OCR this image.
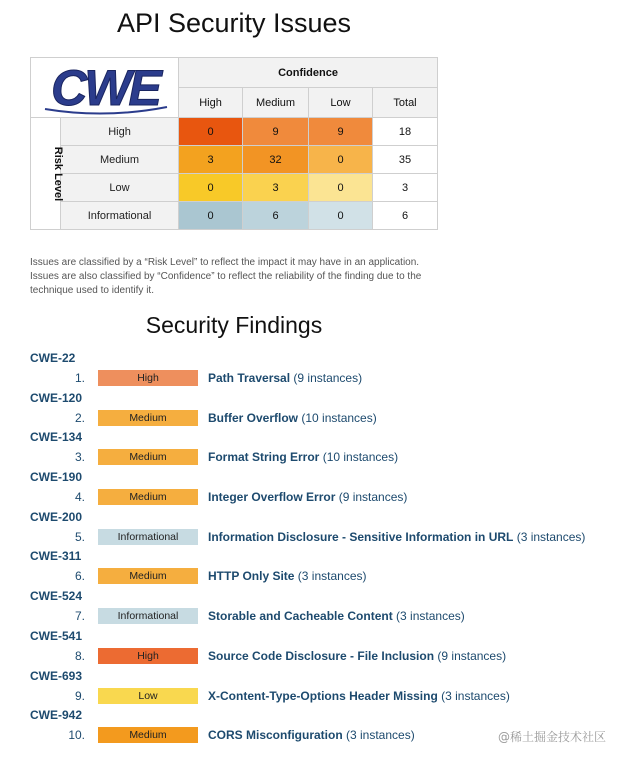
API Security Issues
CWE		Confidence			
		High	Medium	Low	Total
Risk Level	High	0	9	9	18
	Medium	3	32	0	35
	Low	0	3	0	3
	Informational	0	6	0	6
Issues are classified by a “Risk Level” to reflect the impact it may have in an application. Issues are also classified by “Confidence” to reflect the reliability of the finding due to the technique used to identify it.
Security Findings
CWE-22
1.	High	Path Traversal (9 instances)
CWE-120
2.	Medium	Buffer Overflow (10 instances)
CWE-134
3.	Medium	Format String Error (10 instances)
CWE-190
4.	Medium	Integer Overflow Error (9 instances)
CWE-200
5.	Informational	Information Disclosure - Sensitive Information in URL (3 instances)
CWE-311
6.	Medium	HTTP Only Site (3 instances)
CWE-524
7.	Informational	Storable and Cacheable Content (3 instances)
CWE-541
8.	High	Source Code Disclosure - File Inclusion (9 instances)
CWE-693
9.	Low	X-Content-Type-Options Header Missing (3 instances)
CWE-942
10.	Medium	CORS Misconfiguration (3 instances)	@稀土掘金技术社区
